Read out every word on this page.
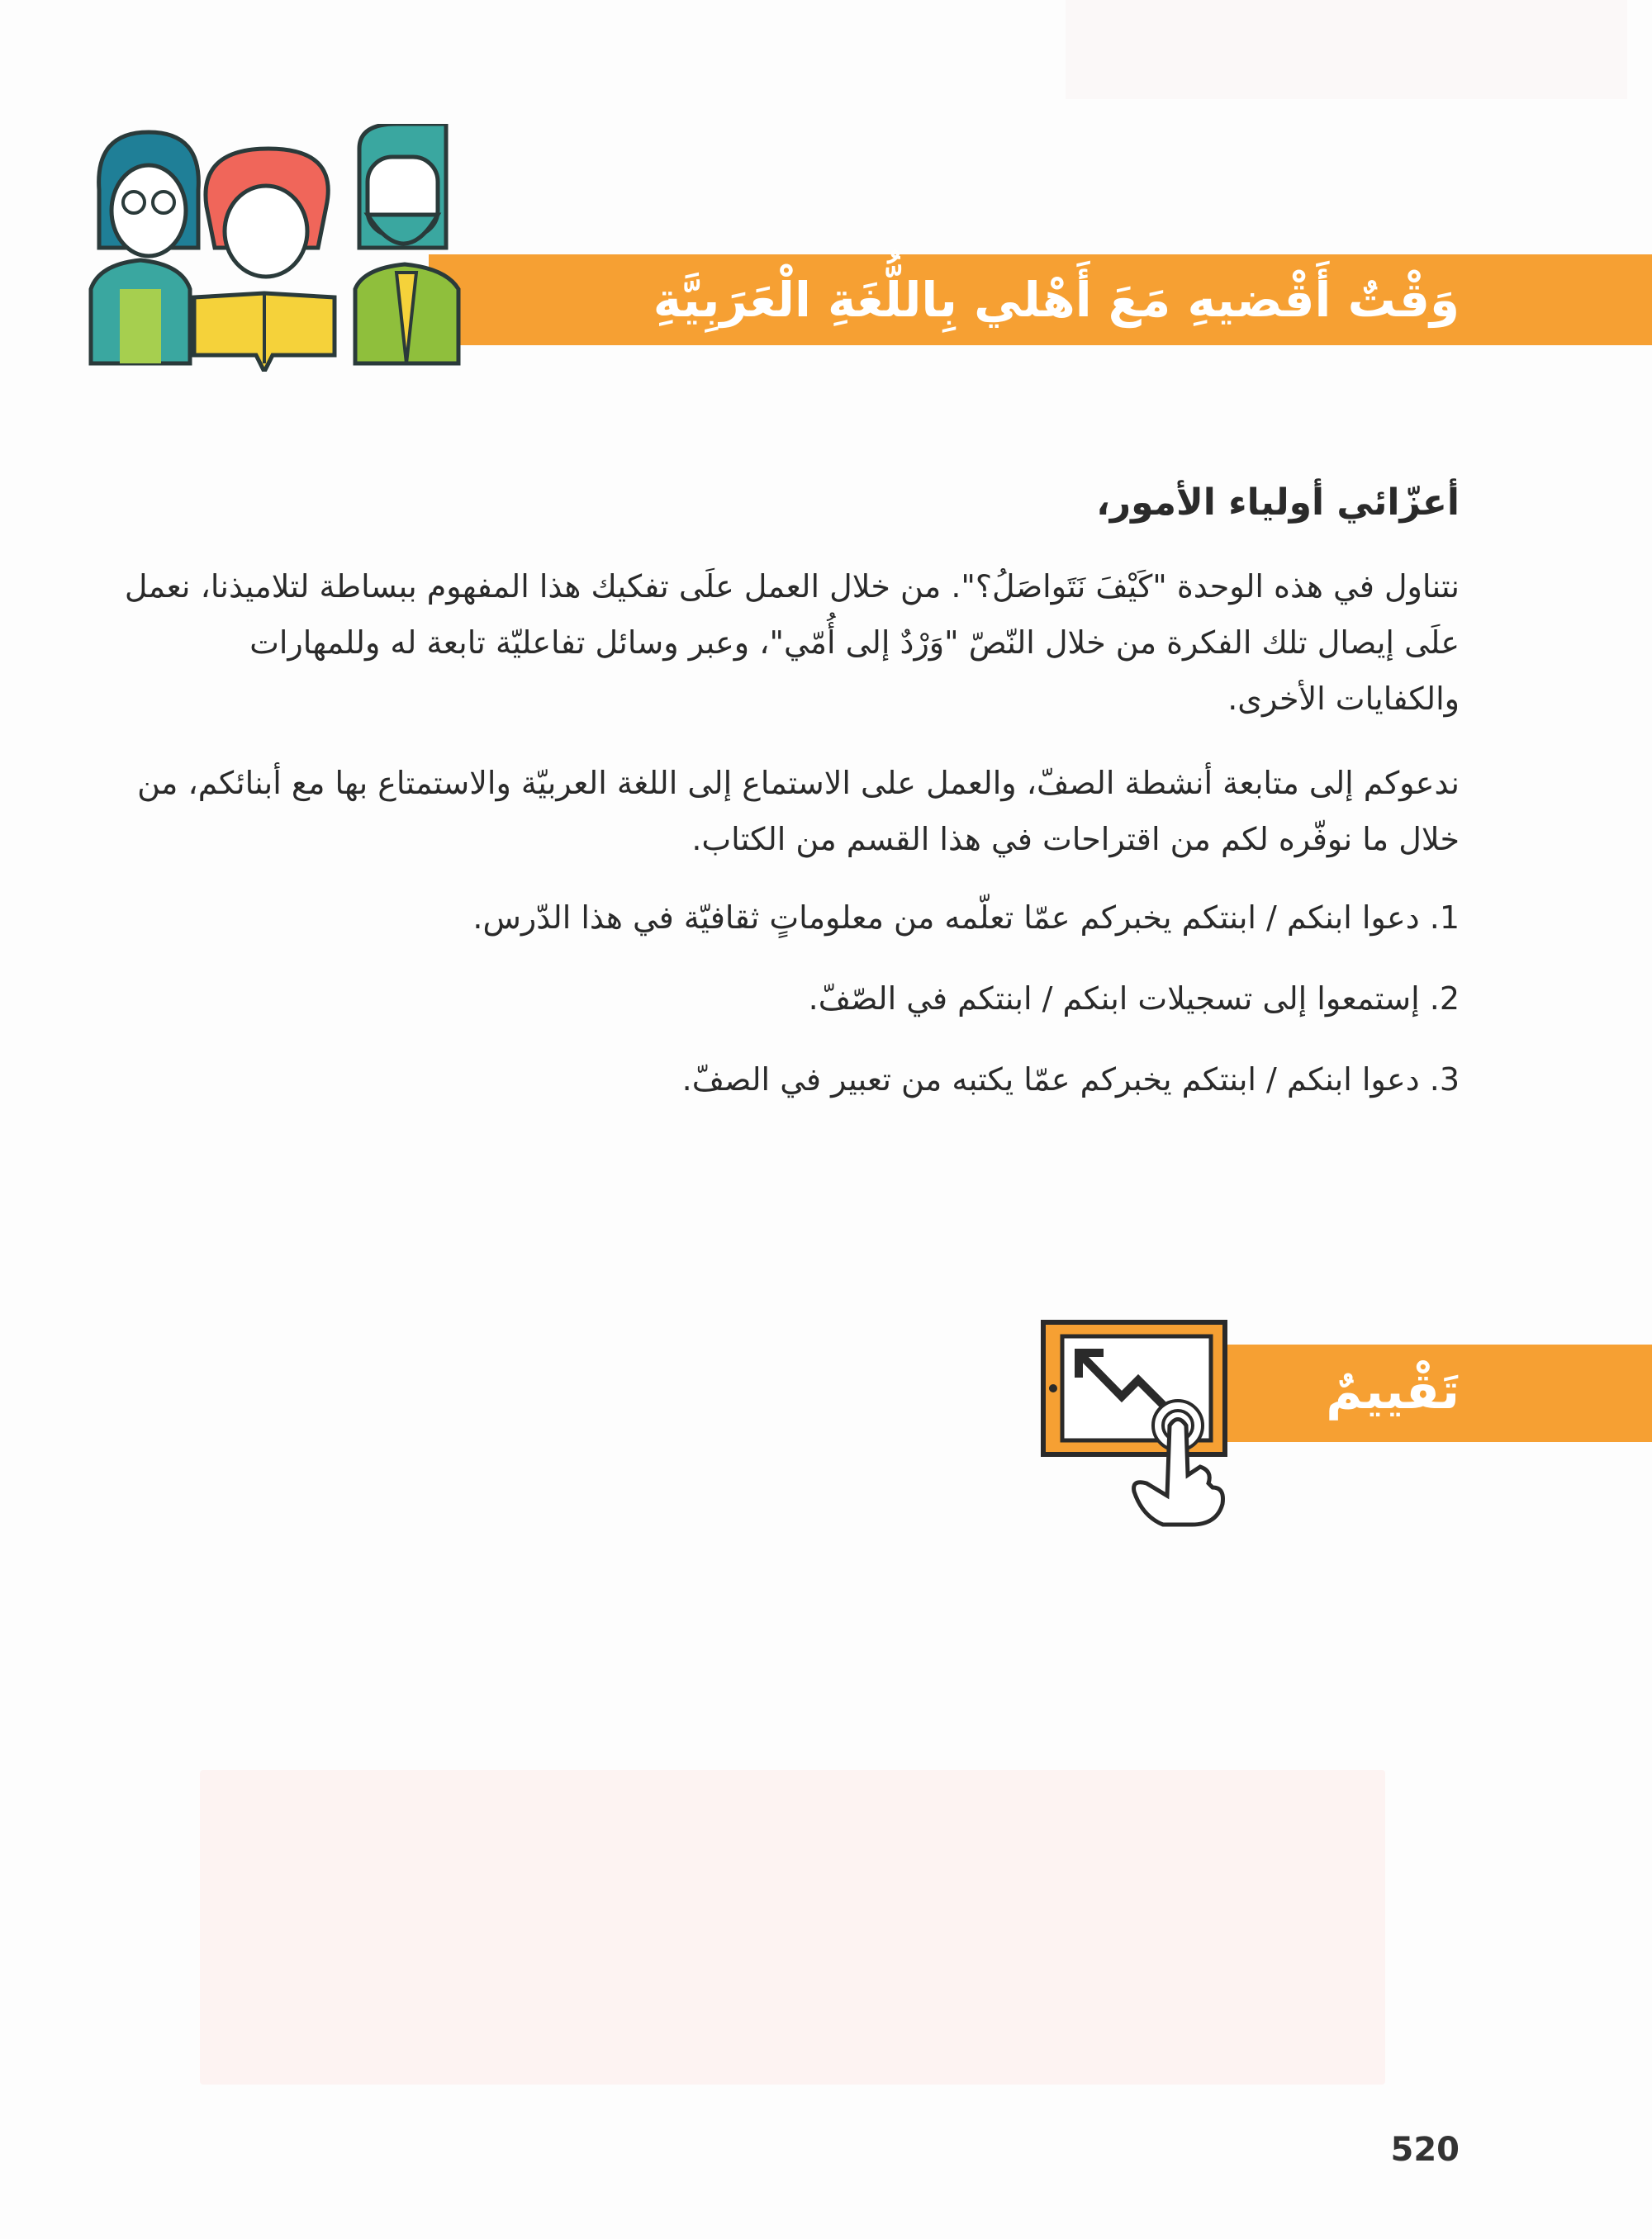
وَقْتٌ أَقْضيهِ مَعَ أَهْلي بِاللُّغَةِ الْعَرَبِيَّةِ
أعزّائي أولياء الأمور،
نتناول في هذه الوحدة "كَيْفَ نَتَواصَلُ؟". من خلال العمل علَى تفكيك هذا المفهوم ببساطة لتلاميذنا، نعمل علَى إيصال تلك الفكرة من خلال النّصّ "وَرْدٌ إلى أُمّي"، وعبر وسائل تفاعليّة تابعة له وللمهارات والكفايات الأخرى.
ندعوكم إلى متابعة أنشطة الصفّ، والعمل على الاستماع إلى اللغة العربيّة والاستمتاع بها مع أبنائكم، من خلال ما نوفّره لكم من اقتراحات في هذا القسم من الكتاب.
1. دعوا ابنكم / ابنتكم يخبركم عمّا تعلّمه من معلوماتٍ ثقافيّة في هذا الدّرس.
2. إستمعوا إلى تسجيلات ابنكم / ابنتكم في الصّفّ.
3. دعوا ابنكم / ابنتكم يخبركم عمّا يكتبه من تعبير في الصفّ.
تَقْييمٌ
520
